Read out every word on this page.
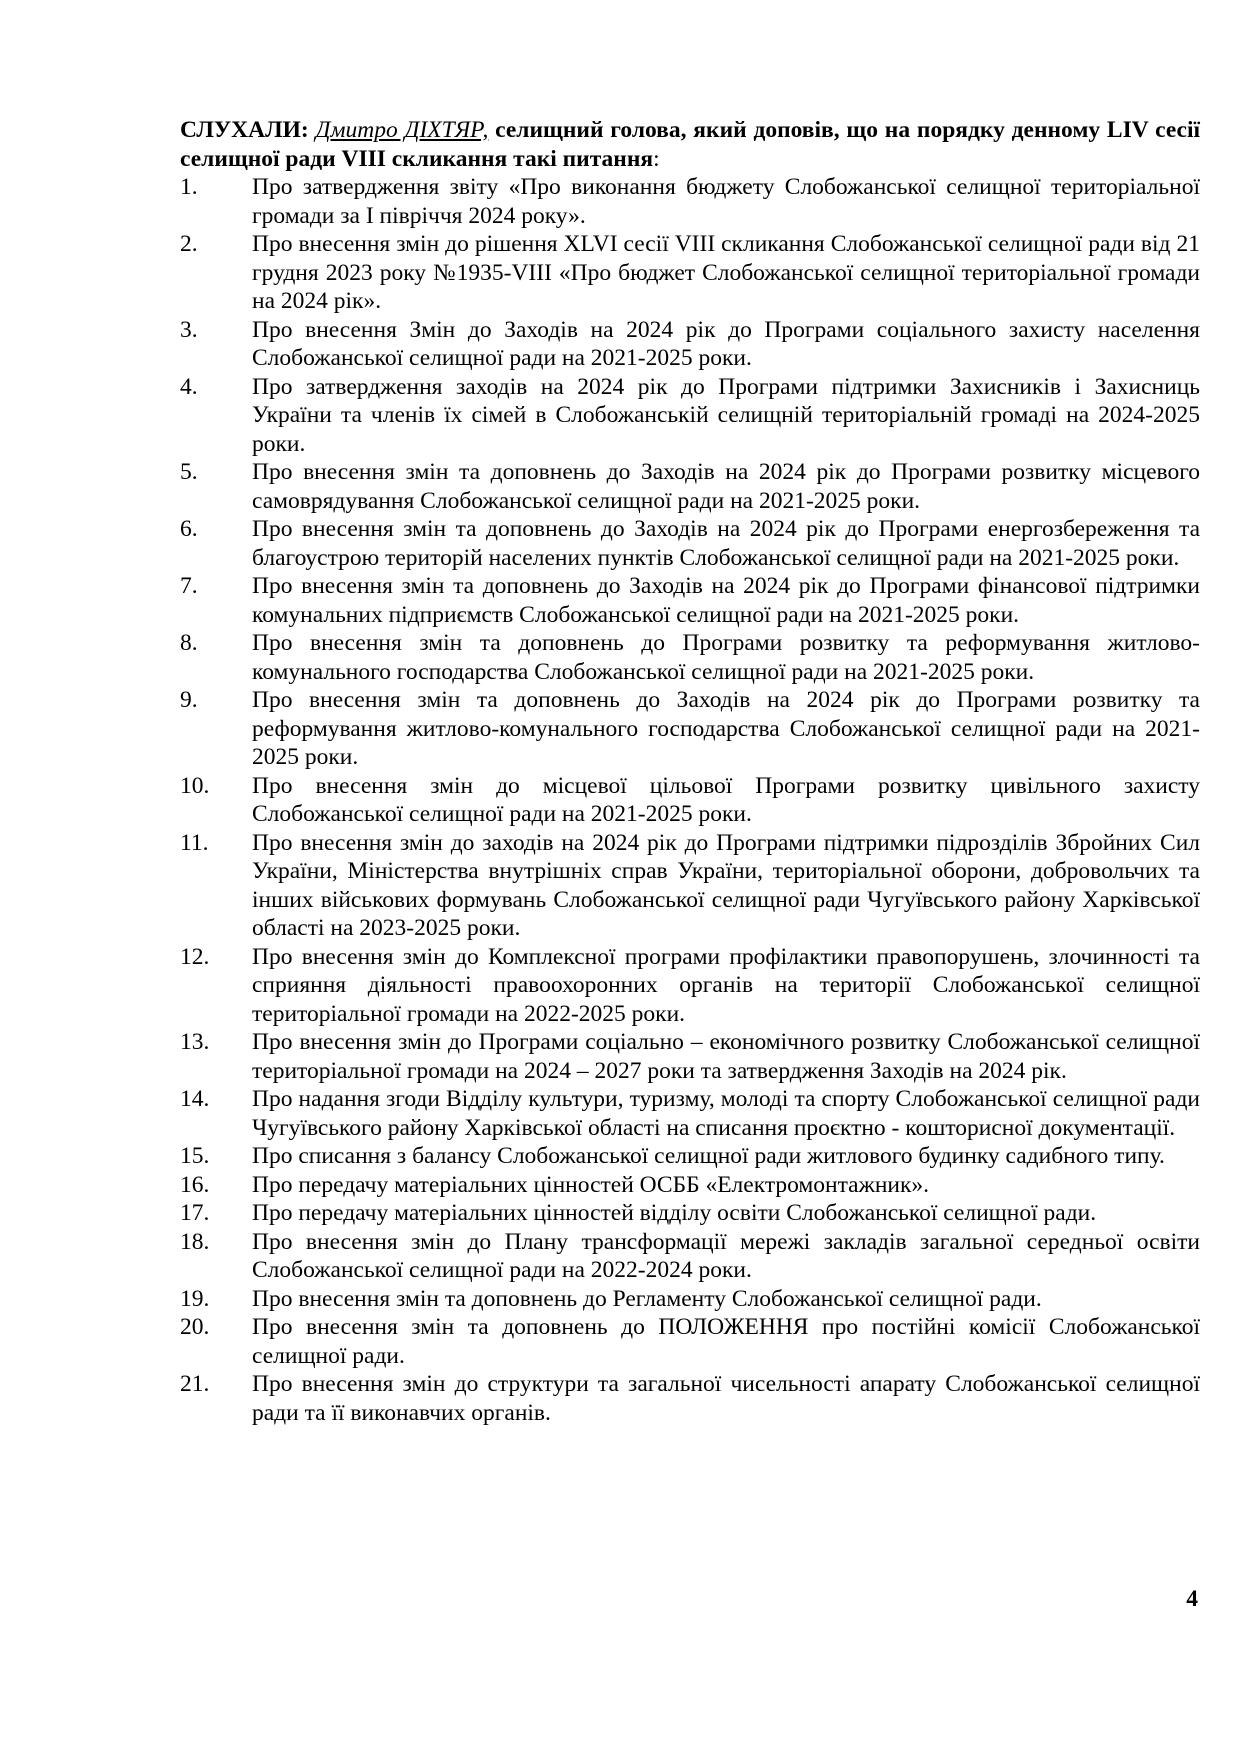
СЛУХАЛИ: Дмитро ДІХТЯР, селищний голова, який доповів, що на порядку денному LIV сесії селищної ради VIII скликання такі питання:

1.	Про затвердження звіту «Про виконання бюджету Слобожанської селищної територіальної громади за І півріччя 2024 року».
2.	Про внесення змін до рішення XLVI сесії VIII скликання Слобожанської селищної ради від 21 грудня 2023 року №1935-VIII «Про бюджет Слобожанської селищної територіальної громади на 2024 рік».
3.	Про внесення Змін до Заходів на 2024 рік до Програми соціального захисту населення Слобожанської селищної ради на 2021-2025 роки.
4.	Про затвердження заходів на 2024 рік до Програми підтримки Захисників і Захисниць України та членів їх сімей в Слобожанській селищній територіальній громаді на 2024-2025 роки.
5.	Про внесення змін та доповнень до Заходів на 2024 рік до Програми розвитку місцевого самоврядування Слобожанської селищної ради на 2021-2025 роки.
6.	Про внесення змін та доповнень до Заходів на 2024 рік до Програми енергозбереження та благоустрою територій населених пунктів Слобожанської селищної ради на 2021-2025 роки.
7.	Про внесення змін та доповнень до Заходів на 2024 рік до Програми фінансової підтримки комунальних підприємств Слобожанської селищної ради на 2021-2025 роки.
8.	Про внесення змін та доповнень до Програми розвитку та реформування житлово-комунального господарства Слобожанської селищної ради на 2021-2025 роки.
9.	Про внесення змін та доповнень до Заходів на 2024 рік до Програми розвитку та реформування житлово-комунального господарства Слобожанської селищної ради на 2021-2025 роки.
10.	Про внесення змін до місцевої цільової Програми розвитку цивільного захисту Слобожанської селищної ради на 2021-2025 роки.
11.	Про внесення змін до заходів на 2024 рік до Програми підтримки підрозділів Збройних Сил України, Міністерства внутрішніх справ України, територіальної оборони, добровольчих та інших військових формувань Слобожанської селищної ради Чугуївського району Харківської області на 2023-2025 роки.
12.	Про внесення змін до Комплексної програми профілактики правопорушень, злочинності та сприяння діяльності правоохоронних органів на території Слобожанської селищної територіальної громади на 2022-2025 роки.
13.	Про внесення змін до Програми соціально – економічного розвитку Слобожанської селищної територіальної громади на 2024 – 2027 роки та затвердження Заходів на 2024 рік.
14.	Про надання згоди Відділу культури, туризму, молоді та спорту Слобожанської селищної ради Чугуївського району Харківської області на списання проєктно - кошторисної документації.
15.	Про списання з балансу Слобожанської селищної ради житлового будинку садибного типу.
16.	Про передачу матеріальних цінностей ОСББ «Електромонтажник».
17.	Про передачу матеріальних цінностей відділу освіти Слобожанської селищної ради.
18.	Про внесення змін до Плану трансформації мережі закладів загальної середньої освіти Слобожанської селищної ради на 2022-2024 роки.
19.	Про внесення змін та доповнень до Регламенту Слобожанської селищної ради.
20.	Про внесення змін та доповнень до ПОЛОЖЕННЯ про постійні комісії Слобожанської селищної ради.
21.	Про внесення змін до структури та загальної чисельності апарату Слобожанської селищної ради та її виконавчих органів.
4
